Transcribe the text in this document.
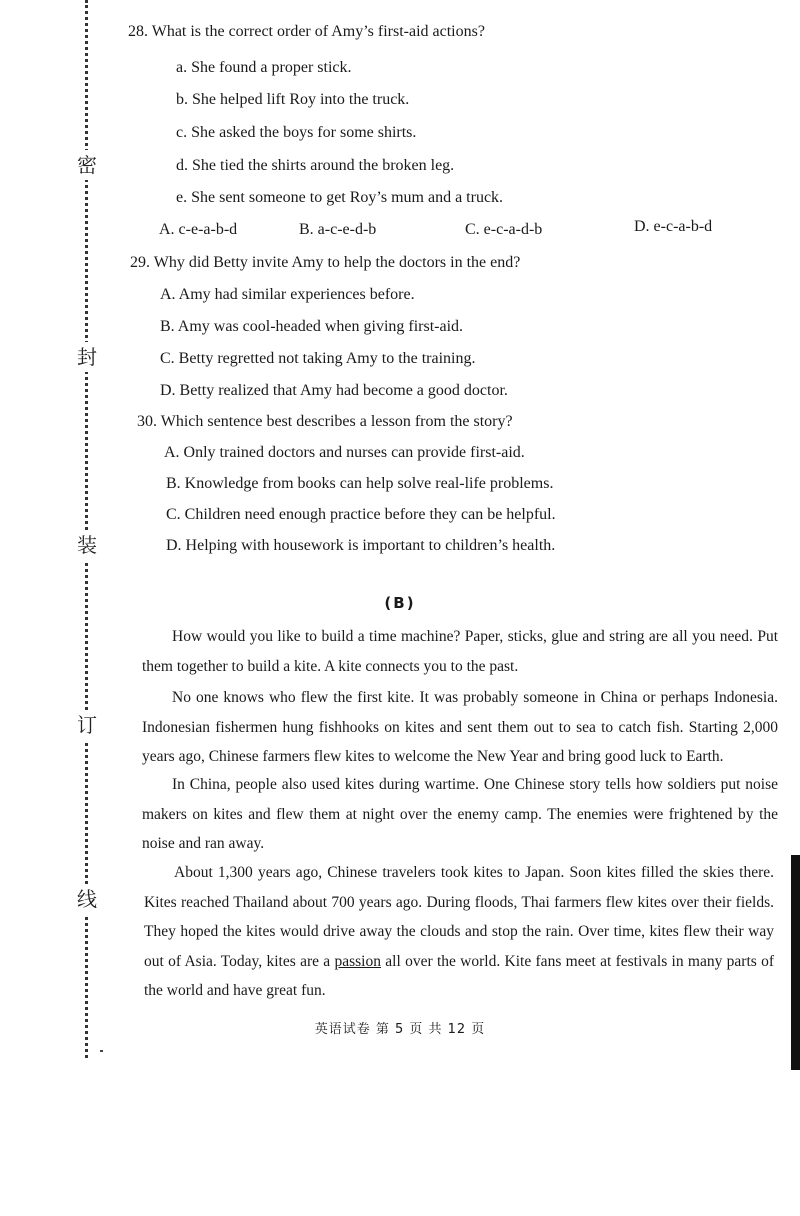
密
封
装
订
线
28. What is the correct order of Amy’s first-aid actions?
a. She found a proper stick.
b. She helped lift Roy into the truck.
c. She asked the boys for some shirts.
d. She tied the shirts around the broken leg.
e. She sent someone to get Roy’s mum and a truck.
A. c-e-a-b-d	B. a-c-e-d-b	C. e-c-a-d-b	D. e-c-a-b-d
29. Why did Betty invite Amy to help the doctors in the end?
A. Amy had similar experiences before.
B. Amy was cool-headed when giving first-aid.
C. Betty regretted not taking Amy to the training.
D. Betty realized that Amy had become a good doctor.
30. Which sentence best describes a lesson from the story?
A. Only trained doctors and nurses can provide first-aid.
B. Knowledge from books can help solve real-life problems.
C. Children need enough practice before they can be helpful.
D. Helping with housework is important to children’s health.
(B)
How would you like to build a time machine? Paper, sticks, glue and string are all you need. Put them together to build a kite. A kite connects you to the past.
No one knows who flew the first kite. It was probably someone in China or perhaps Indonesia. Indonesian fishermen hung fishhooks on kites and sent them out to sea to catch fish. Starting 2,000 years ago, Chinese farmers flew kites to welcome the New Year and bring good luck to Earth.
In China, people also used kites during wartime. One Chinese story tells how soldiers put noise makers on kites and flew them at night over the enemy camp. The enemies were frightened by the noise and ran away.
About 1,300 years ago, Chinese travelers took kites to Japan. Soon kites filled the skies there. Kites reached Thailand about 700 years ago. During floods, Thai farmers flew kites over their fields. They hoped the kites would drive away the clouds and stop the rain. Over time, kites flew their way out of Asia. Today, kites are a passion all over the world. Kite fans meet at festivals in many parts of the world and have great fun.
英语试卷 第 5 页 共 12 页
